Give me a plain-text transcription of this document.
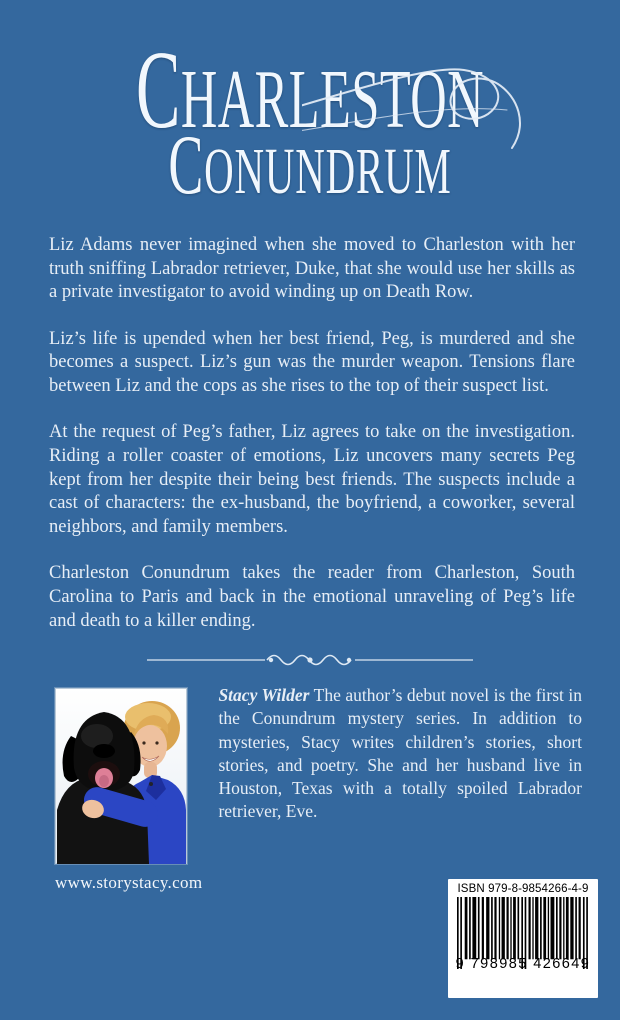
CHARLESTON
CONUNDRUM

Liz Adams never imagined when she moved to Charleston with her truth sniffing Labrador retriever, Duke, that she would use her skills as a private investigator to avoid winding up on Death Row.

Liz’s life is upended when her best friend, Peg, is murdered and she becomes a suspect. Liz’s gun was the murder weapon. Tensions flare between Liz and the cops as she rises to the top of their suspect list.

At the request of Peg’s father, Liz agrees to take on the investigation. Riding a roller coaster of emotions, Liz uncovers many secrets Peg kept from her despite their being best friends. The suspects include a cast of characters: the ex-husband, the boyfriend, a coworker, several neighbors, and family members.

Charleston Conundrum takes the reader from Charleston, South Carolina to Paris and back in the emotional unraveling of Peg’s life and death to a killer ending.

www.storystacy.com

Stacy Wilder The author’s debut novel is the first in the Conundrum mystery series. In addition to mysteries, Stacy writes children’s stories, short stories, and poetry. She and her husband live in Houston, Texas with a totally spoiled Labrador retriever, Eve.

ISBN 979-8-9854266-4-9
9 798985 426649
